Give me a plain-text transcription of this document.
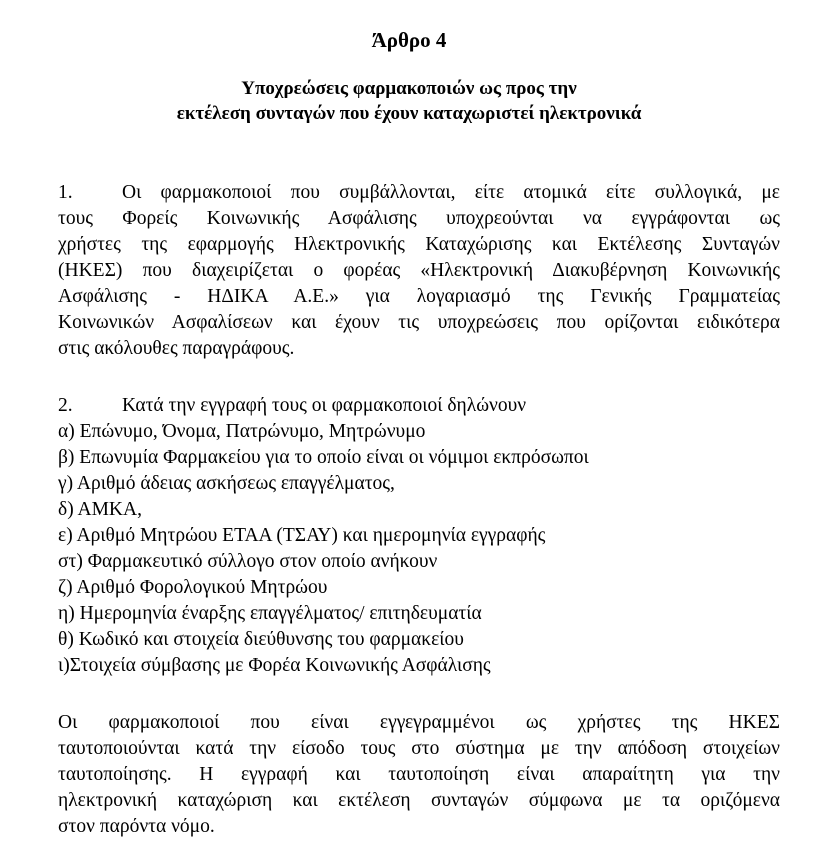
Άρθρο 4
Υποχρεώσεις φαρμακοποιών ως προς την
εκτέλεση συνταγών που έχουν καταχωριστεί ηλεκτρονικά
1.	Οι φαρμακοποιοί που συμβάλλονται, είτε ατομικά είτε συλλογικά, με
τους Φορείς Κοινωνικής Ασφάλισης υποχρεούνται να εγγράφονται ως
χρήστες της εφαρμογής Ηλεκτρονικής Καταχώρισης και Εκτέλεσης Συνταγών
(ΗΚΕΣ) που διαχειρίζεται ο φορέας «Ηλεκτρονική Διακυβέρνηση Κοινωνικής
Ασφάλισης - ΗΔΙΚΑ Α.Ε.» για λογαριασμό της Γενικής Γραμματείας
Κοινωνικών Ασφαλίσεων και έχουν τις υποχρεώσεις που ορίζονται ειδικότερα
στις ακόλουθες παραγράφους.
2.	Κατά την εγγραφή τους οι φαρμακοποιοί δηλώνουν
α) Επώνυμο, Όνομα, Πατρώνυμο, Μητρώνυμο
β) Επωνυμία Φαρμακείου για το οποίο είναι οι νόμιμοι εκπρόσωποι
γ) Αριθμό άδειας ασκήσεως επαγγέλματος,
δ) ΑΜΚΑ,
ε) Αριθμό Μητρώου ΕΤΑΑ (ΤΣΑΥ) και ημερομηνία εγγραφής
στ) Φαρμακευτικό σύλλογο στον οποίο ανήκουν
ζ) Αριθμό Φορολογικού Μητρώου
η) Ημερομηνία έναρξης επαγγέλματος/ επιτηδευματία
θ) Κωδικό και στοιχεία διεύθυνσης του φαρμακείου
ι)Στοιχεία σύμβασης με Φορέα Κοινωνικής Ασφάλισης
Οι φαρμακοποιοί που είναι εγγεγραμμένοι ως χρήστες της ΗΚΕΣ
ταυτοποιούνται κατά την είσοδο τους στο σύστημα με την απόδοση στοιχείων
ταυτοποίησης. Η εγγραφή και ταυτοποίηση είναι απαραίτητη για την
ηλεκτρονική καταχώριση και εκτέλεση συνταγών σύμφωνα με τα οριζόμενα
στον παρόντα νόμο.
